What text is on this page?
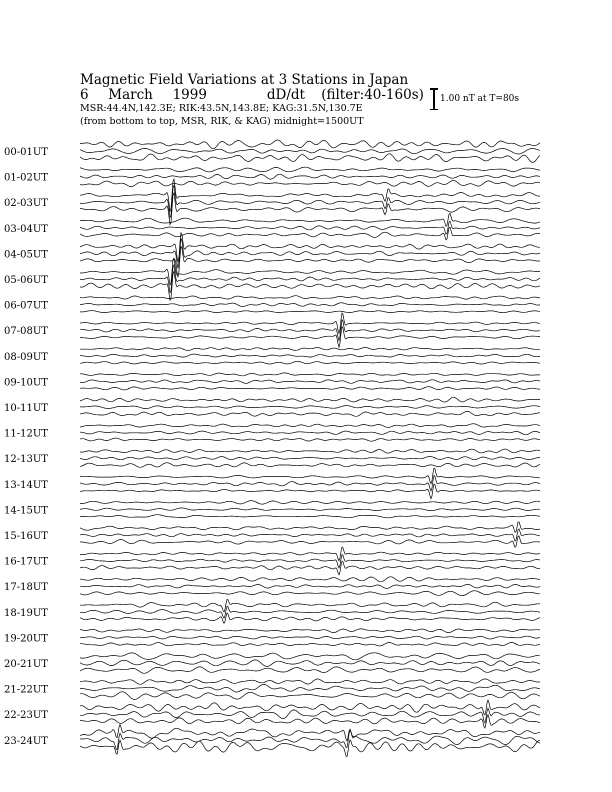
Magnetic Field Variations at 3 Stations in Japan
6 March 1999	dD/dt (filter:40-160s)
MSR:44.4N,142.3E; RIK:43.5N,143.8E; KAG:31.5N,130.7E
(from bottom to top, MSR, RIK, & KAG) midnight=1500UT
1.00 nT at T=80s
00-01UT
01-02UT
02-03UT
03-04UT
04-05UT
05-06UT
06-07UT
07-08UT
08-09UT
09-10UT
10-11UT
11-12UT
12-13UT
13-14UT
14-15UT
15-16UT
16-17UT
17-18UT
18-19UT
19-20UT
20-21UT
21-22UT
22-23UT
23-24UT
